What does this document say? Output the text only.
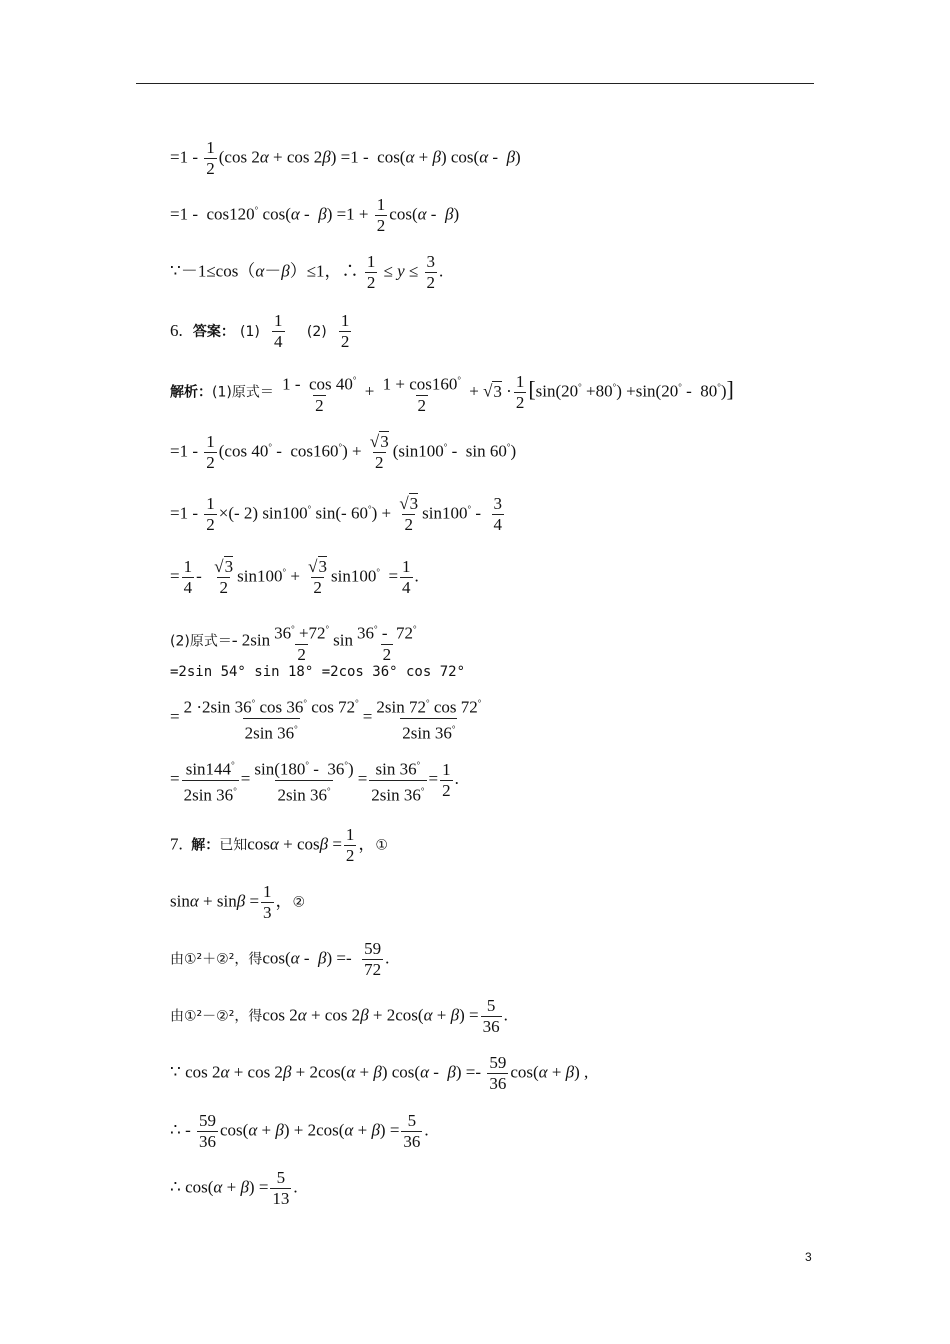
$=1 - \frac{1}{2} (\cos$ 2α + cos 2β) =1 -  cos(α + β) cos(α -  β)
=1 -  cos120° $\cos(\alpha - \beta) =1 + \frac{1}{2} \cos(\alpha - \beta)$
∵－1≤cos（α－β）≤1，∴ $\frac{1}{2} \le y \le \frac{3}{2}$ .
6. 答案： $(1) \frac{1}{4} (2) \frac{1}{2}$
解析：(1)原式＝ $\frac{1 - \cos 40^\circ}{2} + \frac{1 + \cos 160^\circ}{2} + √3 \cdot \frac{1}{2} [\sin(20^\circ +80^\circ) +\sin(20^\circ - 80^\circ)]$
$=1 - \frac{1}{2} (\cos$ $40^\circ - \cos 160^\circ) + \frac{√3}{2} (\sin 100^\circ - \sin 60^\circ)$
$=1 - \frac{1}{2}$ ×(- 2) sin100° sin(- $60^\circ) + \frac{√3}{2} \sin 100^\circ - \frac{3}{4}$
= $\frac{1}{4} - \frac{√3}{2} \sin 100^\circ + \frac{√3}{2} \sin 100^\circ = \frac{1}{4}$ .
(2)原式＝- $2\sin \frac{36^\circ +72^\circ}{2}$ $\sin \frac{36^\circ - 72^\circ}{2}$
=2sin 54° sin 18° =2cos 36° cos 72°
= $\frac{2 \cdot 2\sin 36^\circ \cos 36^\circ \cos 72^\circ}{2\sin 36^\circ} = \frac{2\sin 72^\circ \cos 72^\circ}{2\sin 36^\circ}$
= $\frac{\sin 144^\circ}{2\sin 36^\circ} = \frac{\sin(180^\circ - 36^\circ)}{2\sin 36^\circ} = \frac{\sin 36^\circ}{2\sin 36^\circ} = \frac{1}{2}$ .
7. 解：已知$\cos\alpha + \cos\beta = \frac{1}{2}$ ，①
$\sin\alpha + \sin\beta = \frac{1}{3}$ ，②
由①²＋②²，得$\cos(\alpha - \beta) =- \frac{59}{72}$ .
由①²－②²，得$\cos 2\alpha + \cos 2\beta + 2\cos(\alpha + \beta) = \frac{5}{36}$ .
∵ cos 2α + cos 2β + 2cos(α + β) $\cos(\alpha - \beta) =- \frac{59}{36} \cos(\alpha + \beta)$ ,
∴ - $\frac{59}{36} \cos(\alpha + \beta) + 2\cos(\alpha + \beta) = \frac{5}{36}$ .
∴ $\cos(\alpha + \beta) = \frac{5}{13}$ .
3
